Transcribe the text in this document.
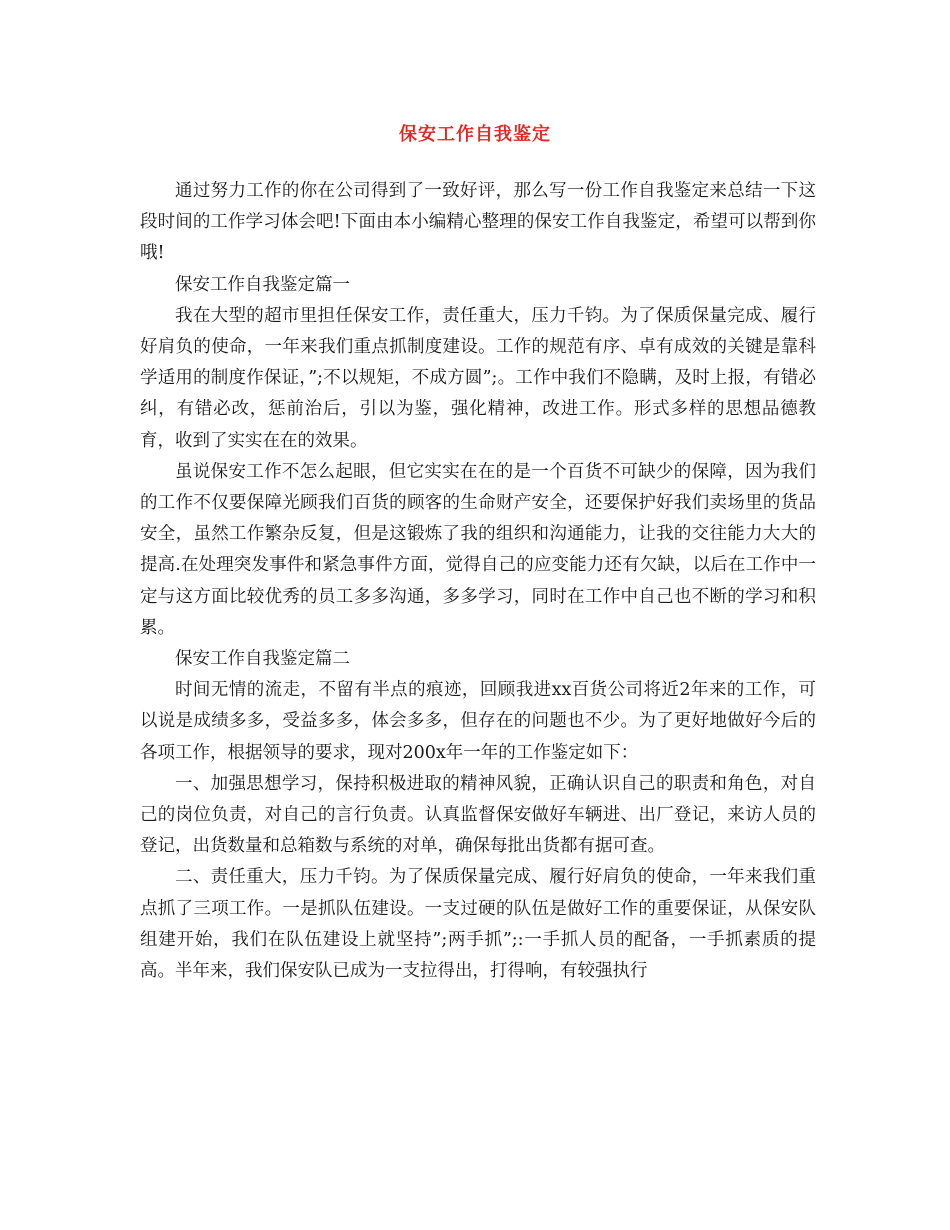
保安工作自我鉴定

通过努力工作的你在公司得到了一致好评，那么写一份工作自我鉴定来总结一下这段时间的工作学习体会吧!下面由本小编精心整理的保安工作自我鉴定，希望可以帮到你哦!

保安工作自我鉴定篇一

我在大型的超市里担任保安工作，责任重大，压力千钧。为了保质保量完成、履行好肩负的使命，一年来我们重点抓制度建设。工作的规范有序、卓有成效的关键是靠科学适用的制度作保证，”;不以规矩，不成方圆”;。工作中我们不隐瞒，及时上报，有错必纠，有错必改，惩前治后，引以为鉴，强化精神，改进工作。形式多样的思想品德教育，收到了实实在在的效果。

虽说保安工作不怎么起眼，但它实实在在的是一个百货不可缺少的保障，因为我们的工作不仅要保障光顾我们百货的顾客的生命财产安全，还要保护好我们卖场里的货品安全，虽然工作繁杂反复，但是这锻炼了我的组织和沟通能力，让我的交往能力大大的提高.在处理突发事件和紧急事件方面，觉得自己的应变能力还有欠缺，以后在工作中一定与这方面比较优秀的员工多多沟通，多多学习，同时在工作中自己也不断的学习和积累。

保安工作自我鉴定篇二

时间无情的流走，不留有半点的痕迹，回顾我进xx百货公司将近2年来的工作，可以说是成绩多多，受益多多，体会多多，但存在的问题也不少。为了更好地做好今后的各项工作，根据领导的要求，现对200x年一年的工作鉴定如下：

一、加强思想学习，保持积极进取的精神风貌，正确认识自己的职责和角色，对自己的岗位负责，对自己的言行负责。认真监督保安做好车辆进、出厂登记，来访人员的登记，出货数量和总箱数与系统的对单，确保每批出货都有据可查。

二、责任重大，压力千钧。为了保质保量完成、履行好肩负的使命，一年来我们重点抓了三项工作。一是抓队伍建设。一支过硬的队伍是做好工作的重要保证，从保安队组建开始，我们在队伍建设上就坚持”;两手抓”;:一手抓人员的配备，一手抓素质的提高。半年来，我们保安队已成为一支拉得出，打得响，有较强执行
